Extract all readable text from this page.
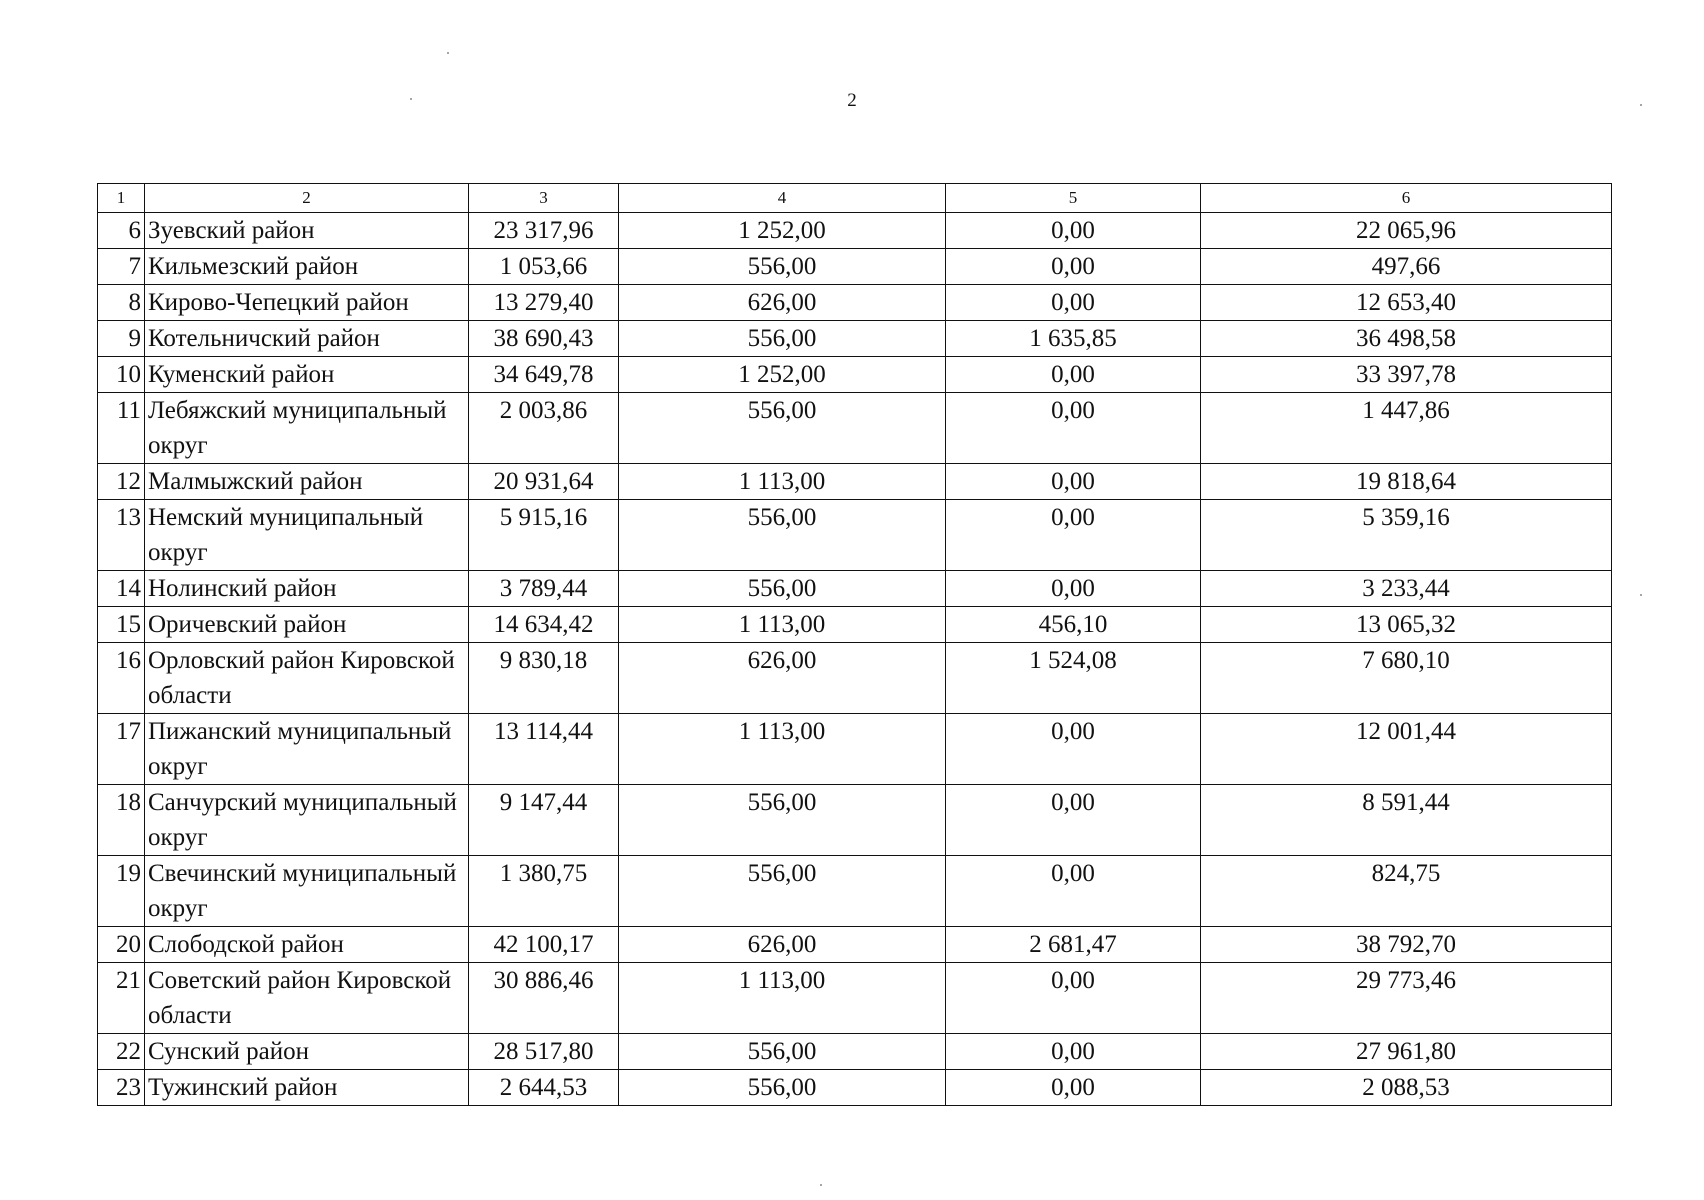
2
1	2	3	4	5	6
6	Зуевский район	23 317,96	1 252,00	0,00	22 065,96
7	Кильмезский район	1 053,66	556,00	0,00	497,66
8	Кирово-Чепецкий район	13 279,40	626,00	0,00	12 653,40
9	Котельничский район	38 690,43	556,00	1 635,85	36 498,58
10	Куменский район	34 649,78	1 252,00	0,00	33 397,78
11	Лебяжский муниципальный округ	2 003,86	556,00	0,00	1 447,86
12	Малмыжский район	20 931,64	1 113,00	0,00	19 818,64
13	Немский муниципальный округ	5 915,16	556,00	0,00	5 359,16
14	Нолинский район	3 789,44	556,00	0,00	3 233,44
15	Оричевский район	14 634,42	1 113,00	456,10	13 065,32
16	Орловский район Кировской области	9 830,18	626,00	1 524,08	7 680,10
17	Пижанский муниципальный округ	13 114,44	1 113,00	0,00	12 001,44
18	Санчурский муниципальный округ	9 147,44	556,00	0,00	8 591,44
19	Свечинский муниципальный округ	1 380,75	556,00	0,00	824,75
20	Слободской район	42 100,17	626,00	2 681,47	38 792,70
21	Советский район Кировской области	30 886,46	1 113,00	0,00	29 773,46
22	Сунский район	28 517,80	556,00	0,00	27 961,80
23	Тужинский район	2 644,53	556,00	0,00	2 088,53
